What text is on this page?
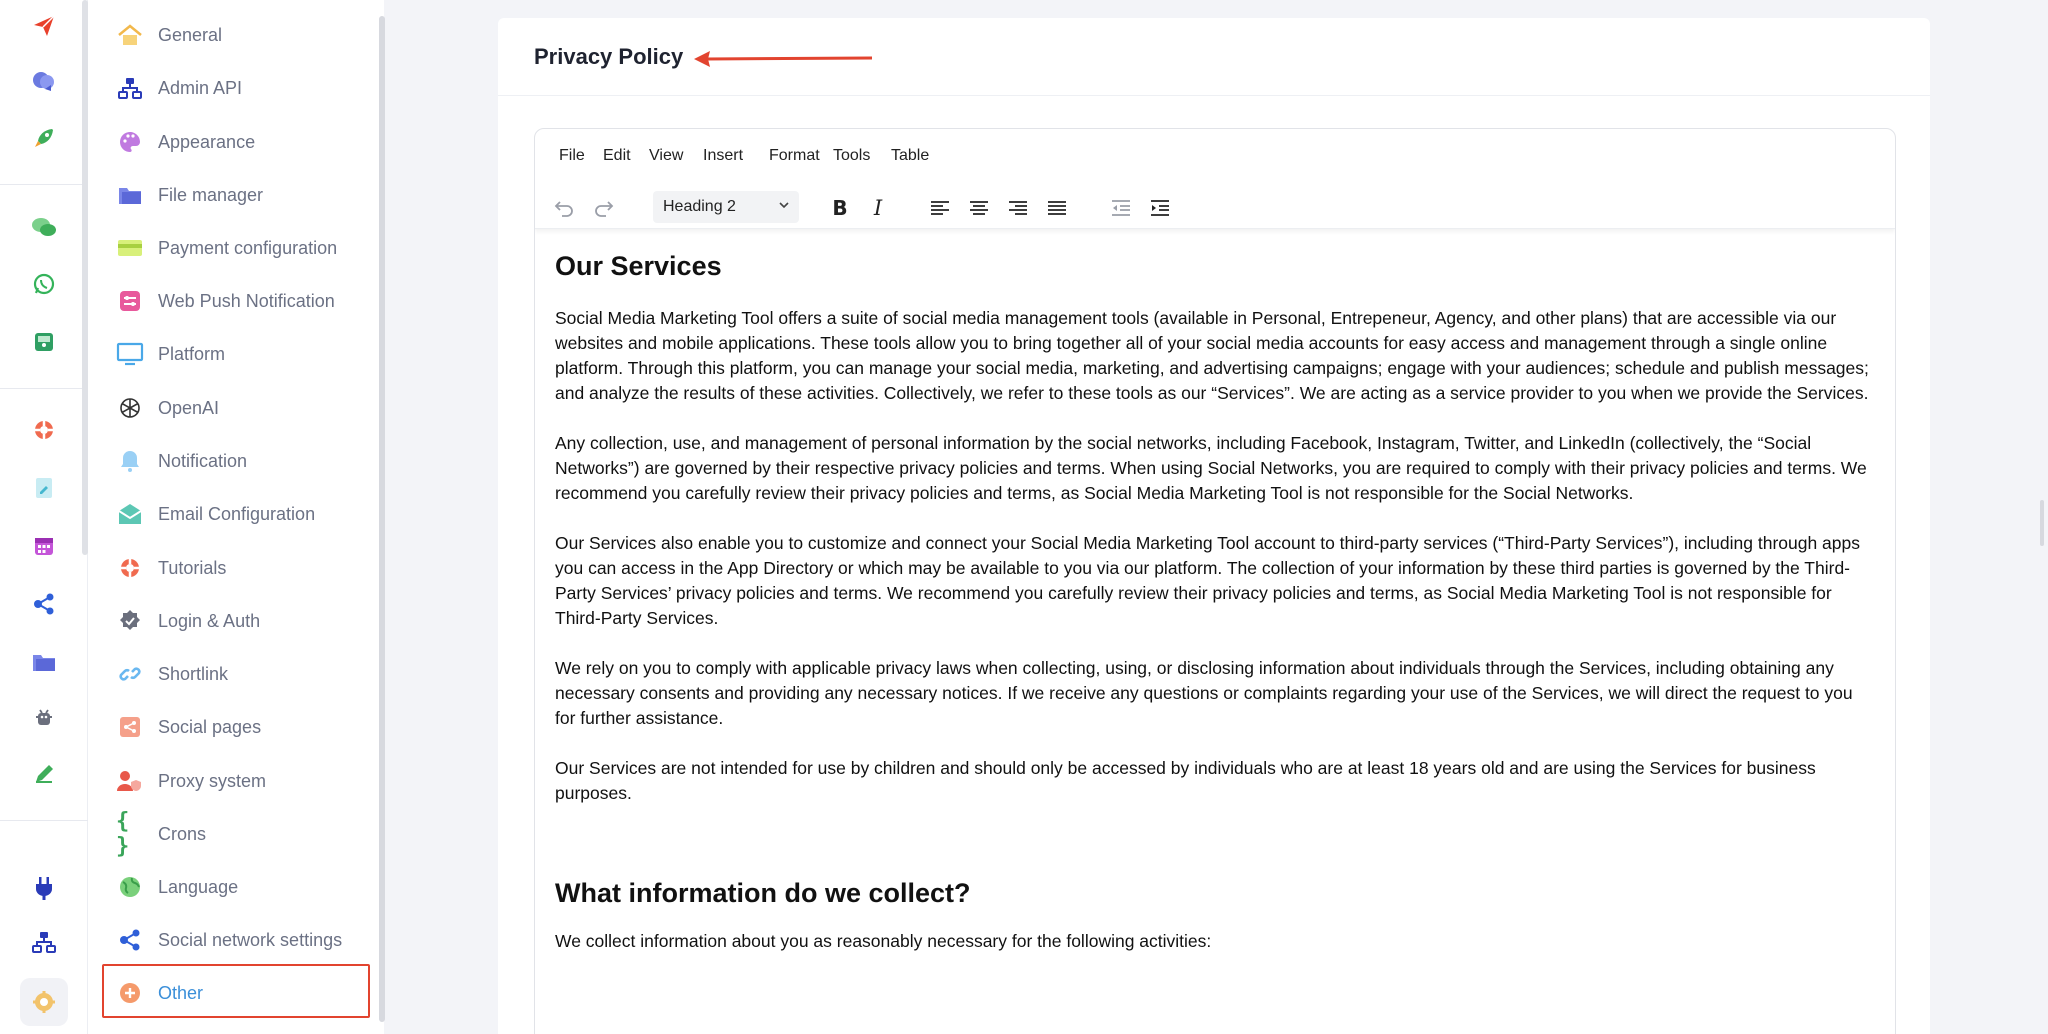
General
Admin API
Appearance
File manager
Payment configuration
Web Push Notification
Platform
OpenAI
Notification
Email Configuration
Tutorials
Login & Auth
Shortlink
Social pages
Proxy system
{ }
Crons
Language
Social network settings
Other
Privacy Policy
File Edit View Insert Format Tools Table
Heading 2	B I
Our Services

Social Media Marketing Tool offers a suite of social media management tools (available in Personal, Entrepeneur, Agency, and other plans) that are accessible via our websites and mobile applications. These tools allow you to bring together all of your social media accounts for easy access and management through a single online platform. Through this platform, you can manage your social media, marketing, and advertising campaigns; engage with your audiences; schedule and publish messages; and analyze the results of these activities. Collectively, we refer to these tools as our “Services”. We are acting as a service provider to you when we provide the Services.

Any collection, use, and management of personal information by the social networks, including Facebook, Instagram, Twitter, and LinkedIn (collectively, the “Social Networks”) are governed by their respective privacy policies and terms. When using Social Networks, you are required to comply with their privacy policies and terms. We recommend you carefully review their privacy policies and terms, as Social Media Marketing Tool is not responsible for the Social Networks.

Our Services also enable you to customize and connect your Social Media Marketing Tool account to third-party services (“Third-Party Services”), including through apps you can access in the App Directory or which may be available to you via our platform. The collection of your information by these third parties is governed by the Third-Party Services’ privacy policies and terms. We recommend you carefully review their privacy policies and terms, as Social Media Marketing Tool is not responsible for Third-Party Services.

We rely on you to comply with applicable privacy laws when collecting, using, or disclosing information about individuals through the Services, including obtaining any necessary consents and providing any necessary notices. If we receive any questions or complaints regarding your use of the Services, we will direct the request to you for further assistance.

Our Services are not intended for use by children and should only be accessed by individuals who are at least 18 years old and are using the Services for business purposes.

What information do we collect?

We collect information about you as reasonably necessary for the following activities:
